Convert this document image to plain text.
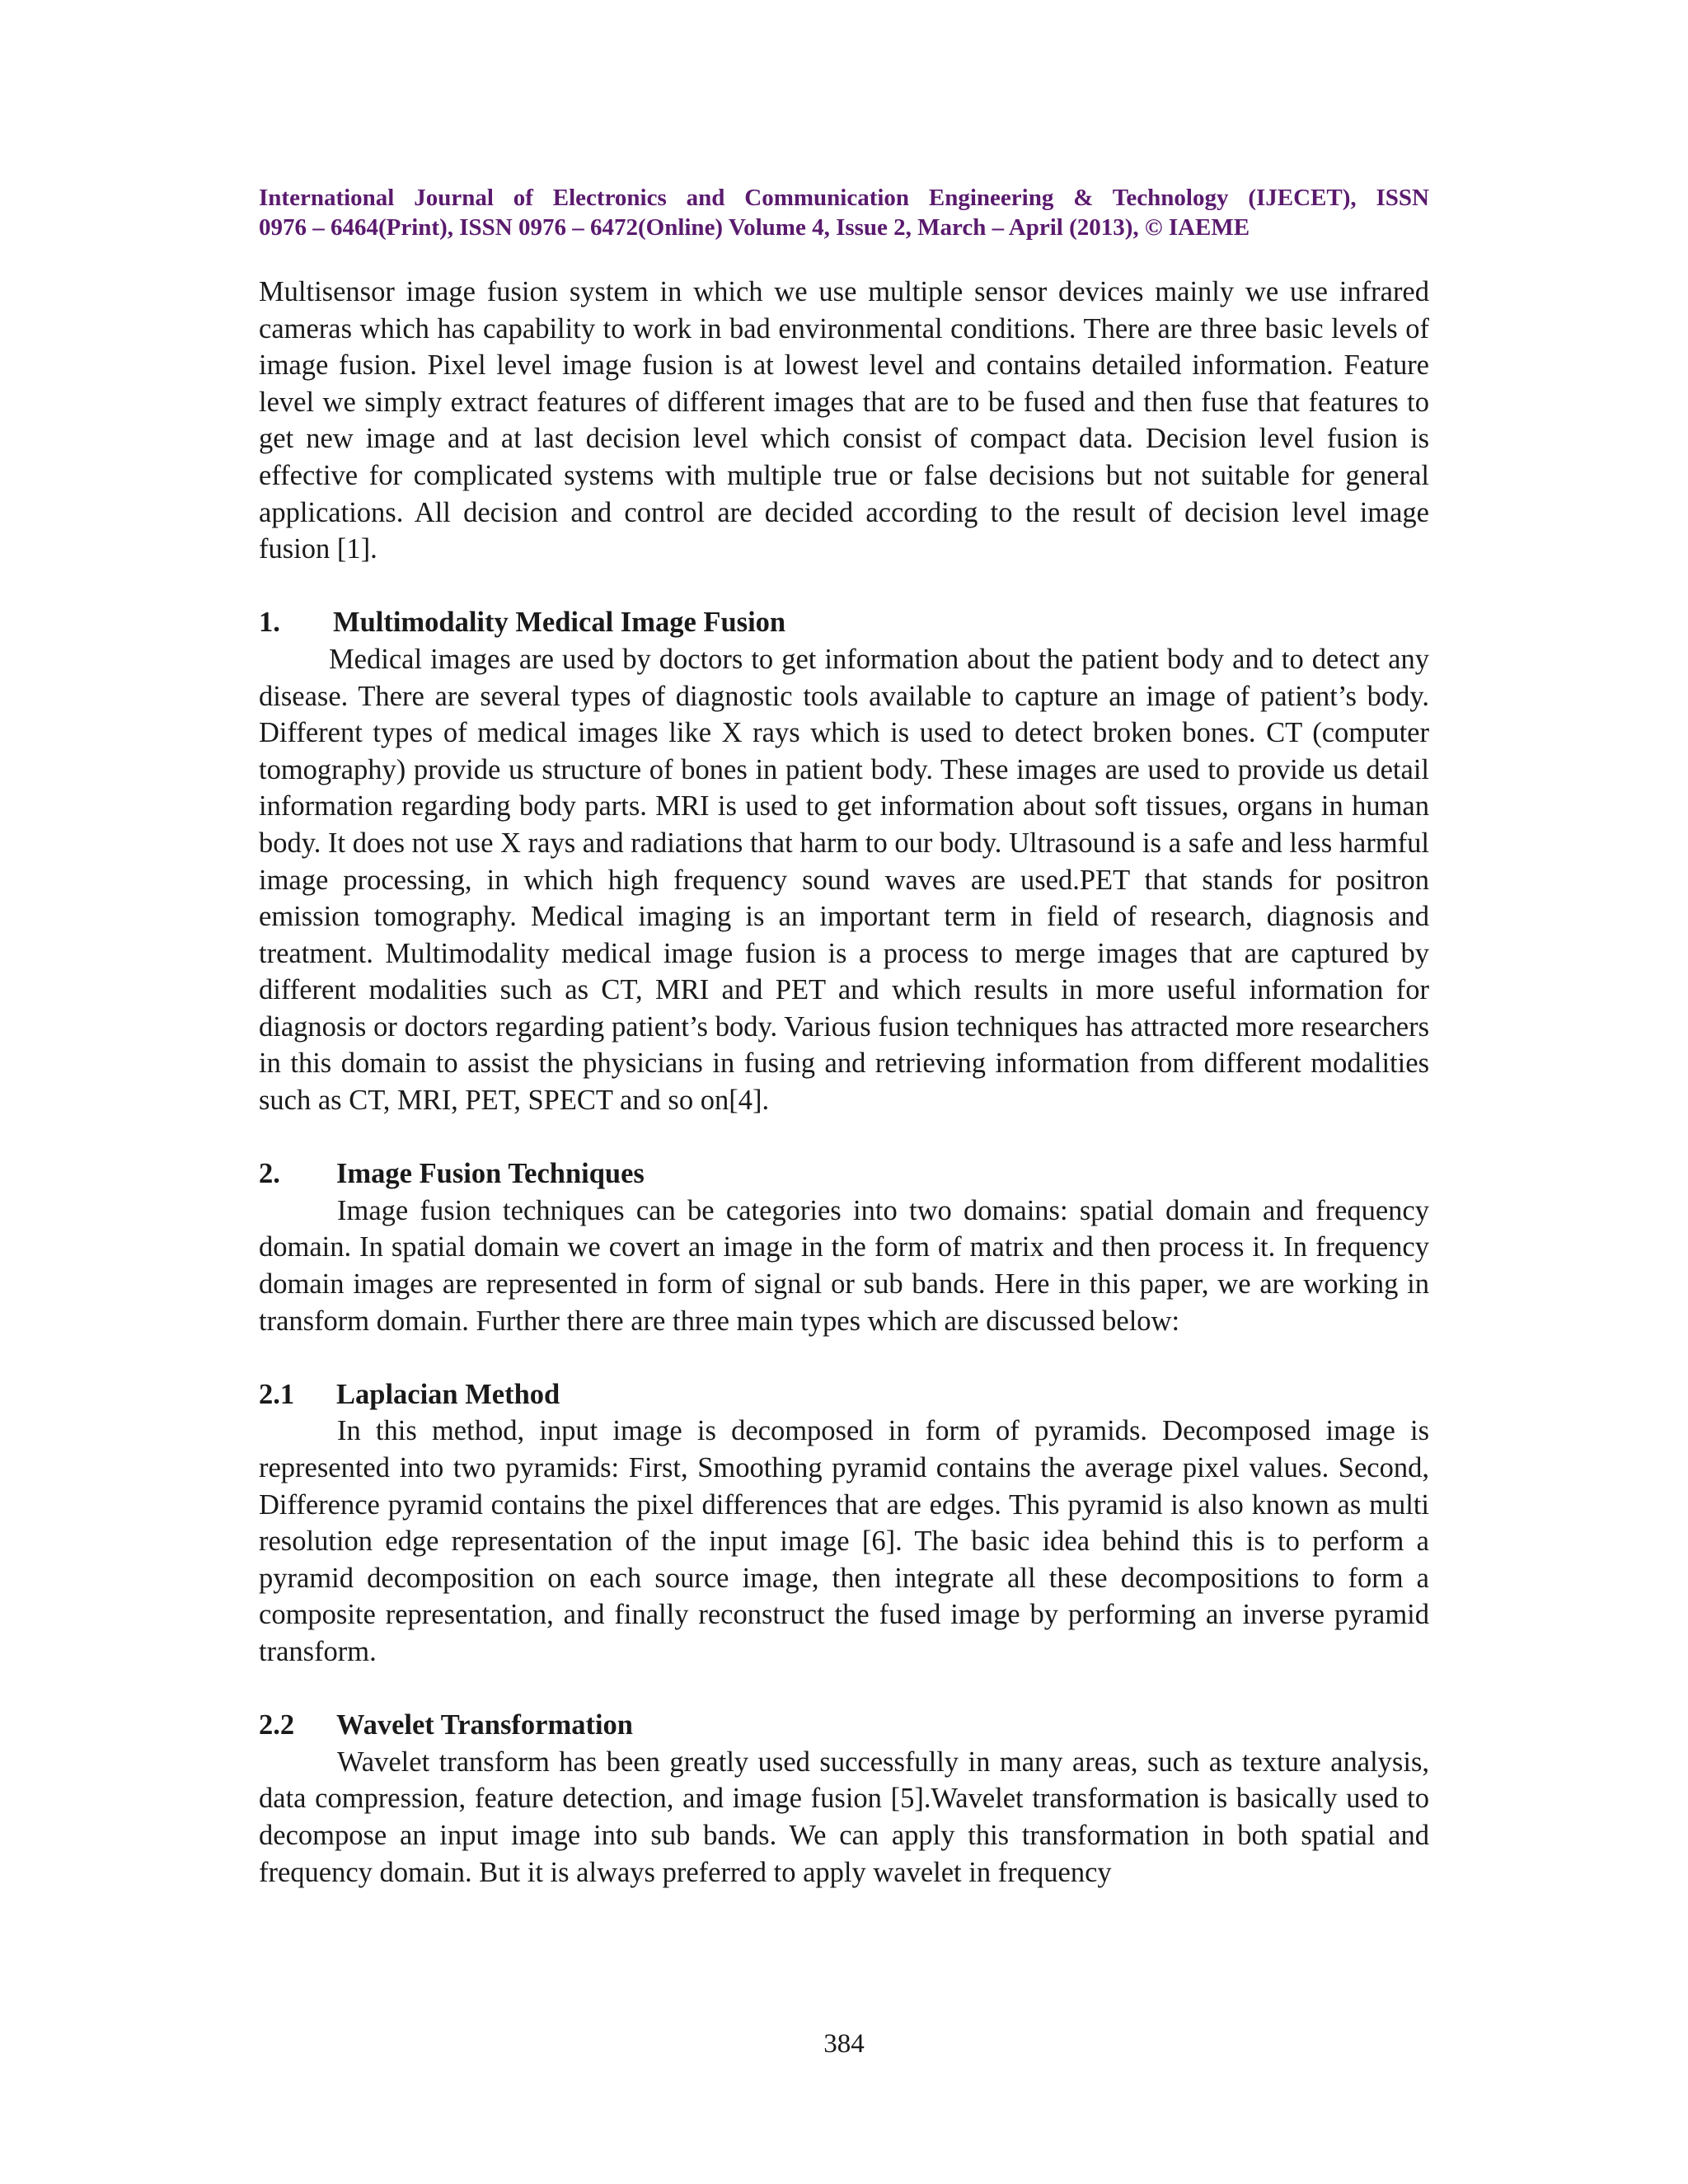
International Journal of Electronics and Communication Engineering & Technology (IJECET), ISSN
0976 – 6464(Print), ISSN 0976 – 6472(Online) Volume 4, Issue 2, March – April (2013), © IAEME

Multisensor image fusion system in which we use multiple sensor devices mainly we use infrared cameras which has capability to work in bad environmental conditions. There are three basic levels of image fusion. Pixel level image fusion is at lowest level and contains detailed information. Feature level we simply extract features of different images that are to be fused and then fuse that features to get new image and at last decision level which consist of compact data. Decision level fusion is effective for complicated systems with multiple true or false decisions but not suitable for general applications. All decision and control are decided according to the result of decision level image fusion [1].

1. Multimodality Medical Image Fusion

Medical images are used by doctors to get information about the patient body and to detect any disease. There are several types of diagnostic tools available to capture an image of patient’s body. Different types of medical images like X rays which is used to detect broken bones. CT (computer tomography) provide us structure of bones in patient body. These images are used to provide us detail information regarding body parts. MRI is used to get information about soft tissues, organs in human body. It does not use X rays and radiations that harm to our body. Ultrasound is a safe and less harmful image processing, in which high frequency sound waves are used.PET that stands for positron emission tomography. Medical imaging is an important term in field of research, diagnosis and treatment. Multimodality medical image fusion is a process to merge images that are captured by different modalities such as CT, MRI and PET and which results in more useful information for diagnosis or doctors regarding patient’s body. Various fusion techniques has attracted more researchers in this domain to assist the physicians in fusing and retrieving information from different modalities such as CT, MRI, PET, SPECT and so on[4].

2. Image Fusion Techniques

Image fusion techniques can be categories into two domains: spatial domain and frequency domain. In spatial domain we covert an image in the form of matrix and then process it. In frequency domain images are represented in form of signal or sub bands. Here in this paper, we are working in transform domain. Further there are three main types which are discussed below:

2.1 Laplacian Method

In this method, input image is decomposed in form of pyramids. Decomposed image is represented into two pyramids: First, Smoothing pyramid contains the average pixel values. Second, Difference pyramid contains the pixel differences that are edges. This pyramid is also known as multi resolution edge representation of the input image [6]. The basic idea behind this is to perform a pyramid decomposition on each source image, then integrate all these decompositions to form a composite representation, and finally reconstruct the fused image by performing an inverse pyramid transform.

2.2 Wavelet Transformation

Wavelet transform has been greatly used successfully in many areas, such as texture analysis, data compression, feature detection, and image fusion [5].Wavelet transformation is basically used to decompose an input image into sub bands. We can apply this transformation in both spatial and frequency domain. But it is always preferred to apply wavelet in frequency

384
